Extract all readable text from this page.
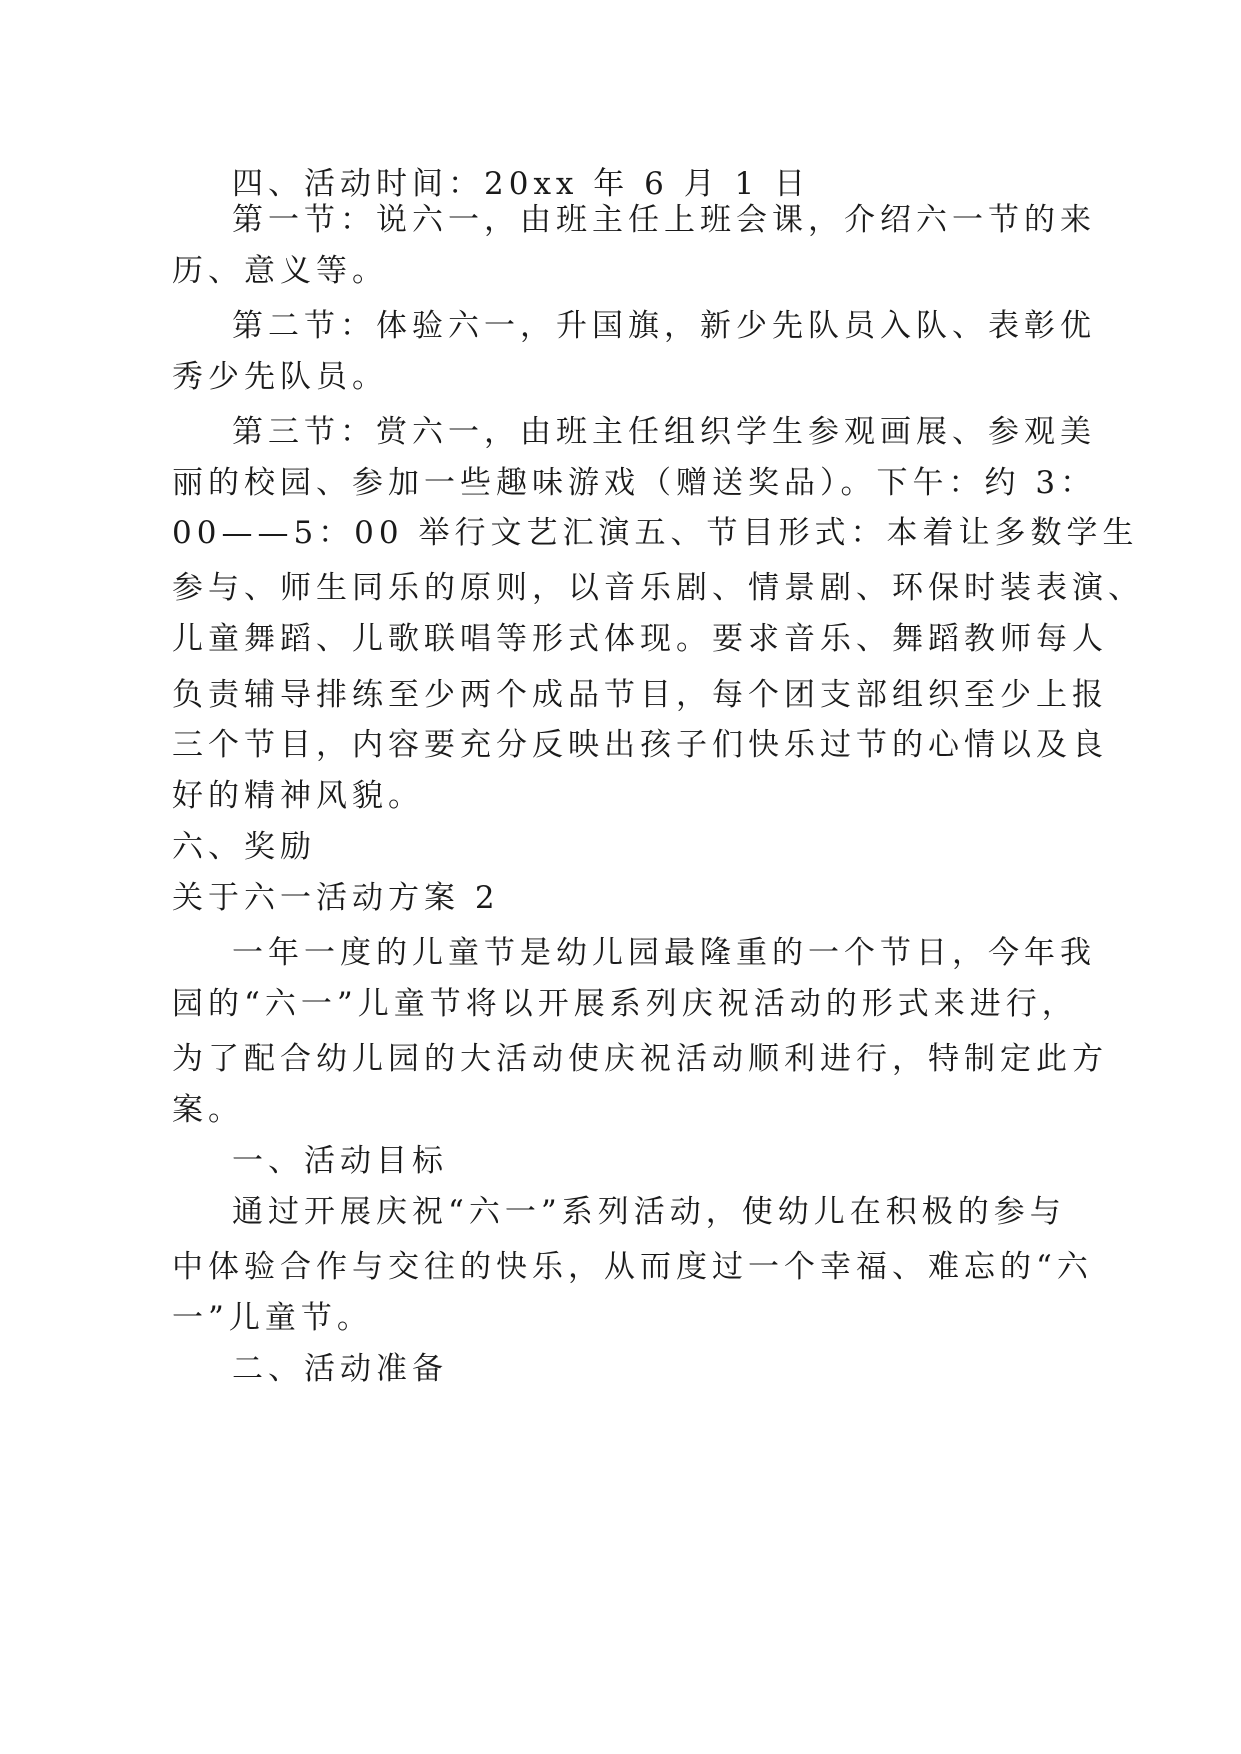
四、活动时间：20xx 年 6 月 1 日
第一节：说六一，由班主任上班会课，介绍六一节的来
历、意义等。
第二节：体验六一，升国旗，新少先队员入队、表彰优
秀少先队员。
第三节：赏六一，由班主任组织学生参观画展、参观美
丽的校园、参加一些趣味游戏（赠送奖品）。下午：约 3：
00——5：00 举行文艺汇演五、节目形式：本着让多数学生
参与、师生同乐的原则，以音乐剧、情景剧、环保时装表演、
儿童舞蹈、儿歌联唱等形式体现。要求音乐、舞蹈教师每人
负责辅导排练至少两个成品节目，每个团支部组织至少上报
三个节目，内容要充分反映出孩子们快乐过节的心情以及良
好的精神风貌。
六、奖励
关于六一活动方案 2
一年一度的儿童节是幼儿园最隆重的一个节日，今年我
园的“六一”儿童节将以开展系列庆祝活动的形式来进行，
为了配合幼儿园的大活动使庆祝活动顺利进行，特制定此方
案。
一、活动目标
通过开展庆祝“六一”系列活动，使幼儿在积极的参与
中体验合作与交往的快乐，从而度过一个幸福、难忘的“六
一”儿童节。
二、活动准备
